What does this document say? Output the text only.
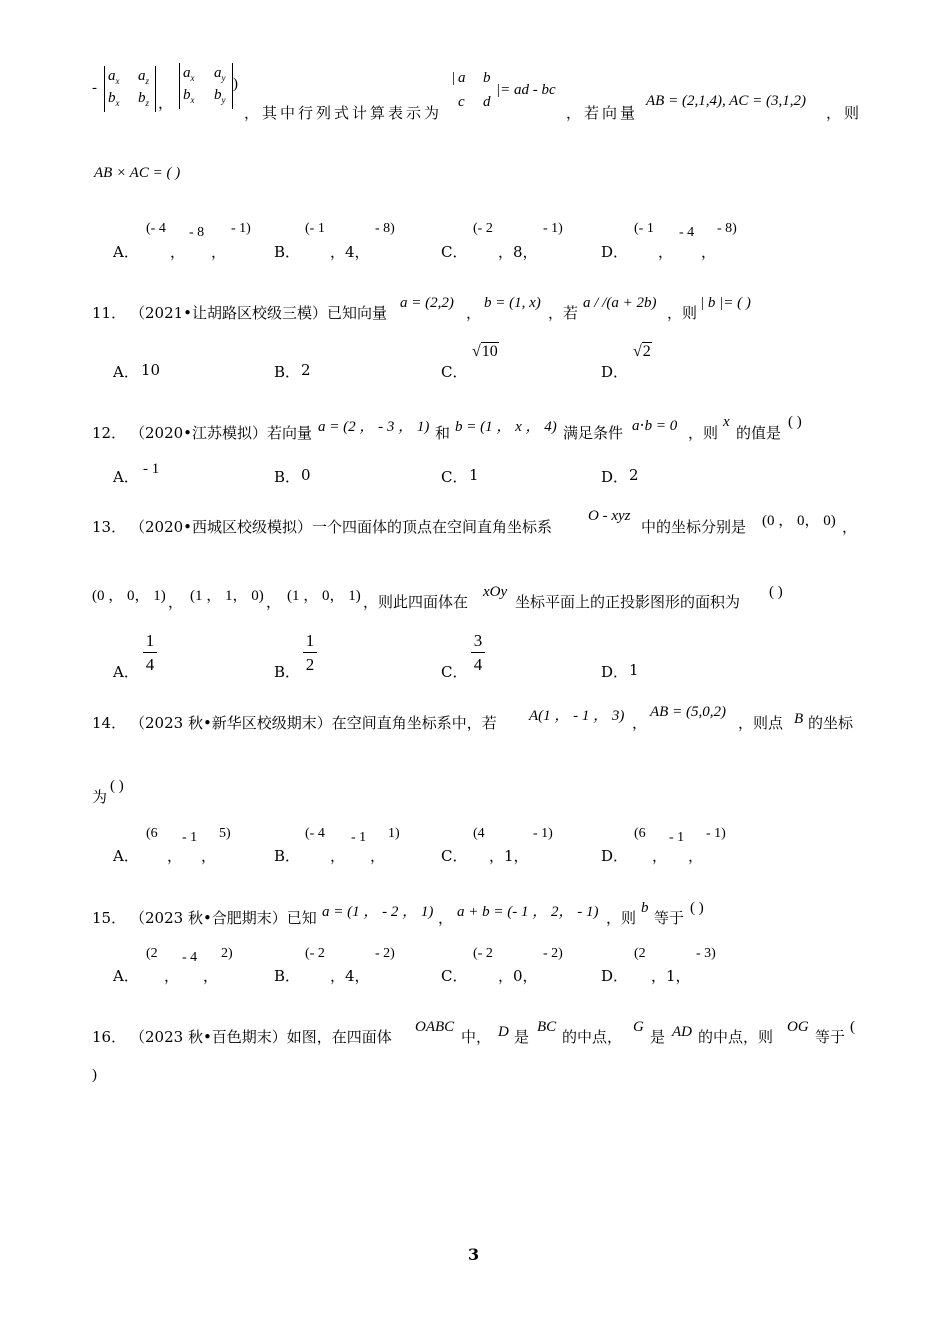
-
$a_x$ $a_z$
$b_x$ $b_z$ ，
$a_x$ $a_y$
$b_x$ $b_y$
)
，其中行列式计算表示为
| a b
c d
|= ad - bc
，若向量
AB = (2,1,4), AC = (3,1,2)
，则
AB × AC = ( )
A．
(- 4
，
- 8
，
- 1)
B．
(- 1
，4，
- 8)
C．
(- 2
，8，
- 1)
D．
(- 1
，
- 4
，
- 8)
11． （2021•让胡路区校级三模）已知向量
a = (2,2)
，
b = (1, x)
，若
a / /(a + 2b)
，则
| b |= ( )
A． 10	B． 2	C．
√10
D．
√2
12． （2020•江苏模拟）若向量 a = (2 ， - 3 ， 1) 和 b = (1 ， x ， 4) 满足条件 a⋅b = 0 ，则
x
的值是
( )
A． - 1	B． 0	C． 1	D． 2
13． （2020•西城区校级模拟）一个四面体的顶点在空间直角坐标系
O - xyz
中的坐标分别是 (0 ， 0， 0) ，
(0 ， 0， 1) ， (1 ， 1， 0) ， (1 ， 0， 1) ，则此四面体在
xOy
坐标平面上的正投影图形的面积为
( )
A．
1
4	B．
1
2	C．
3
4	D． 1
14． （2023 秋•新华区校级期末）在空间直角坐标系中，若 A(1 ， - 1 ， 3) ，
AB = (5,0,2)
，则点 B 的坐标
为
( )
A．
(6
，
- 1
，
5)
B．
(- 4
，
- 1
，
1)
C．
(4
，1，
- 1)
D．
(6
，
- 1
，
- 1)
15． （2023 秋•合肥期末）已知 a = (1 ， - 2 ， 1) ， a + b = (- 1 ， 2， - 1) ，则
b
等于
( )
A．
(2
，
- 4
，
2)
B．
(- 2
，4，
- 2)
C．
(- 2
，0，
- 2)
D．
(2
，1，
- 3)
16． （2023 秋•百色期末）如图，在四面体
OABC
中， D 是
BC
的中点，
G
是 AD 的中点，则
OG
等于
(
)
3
